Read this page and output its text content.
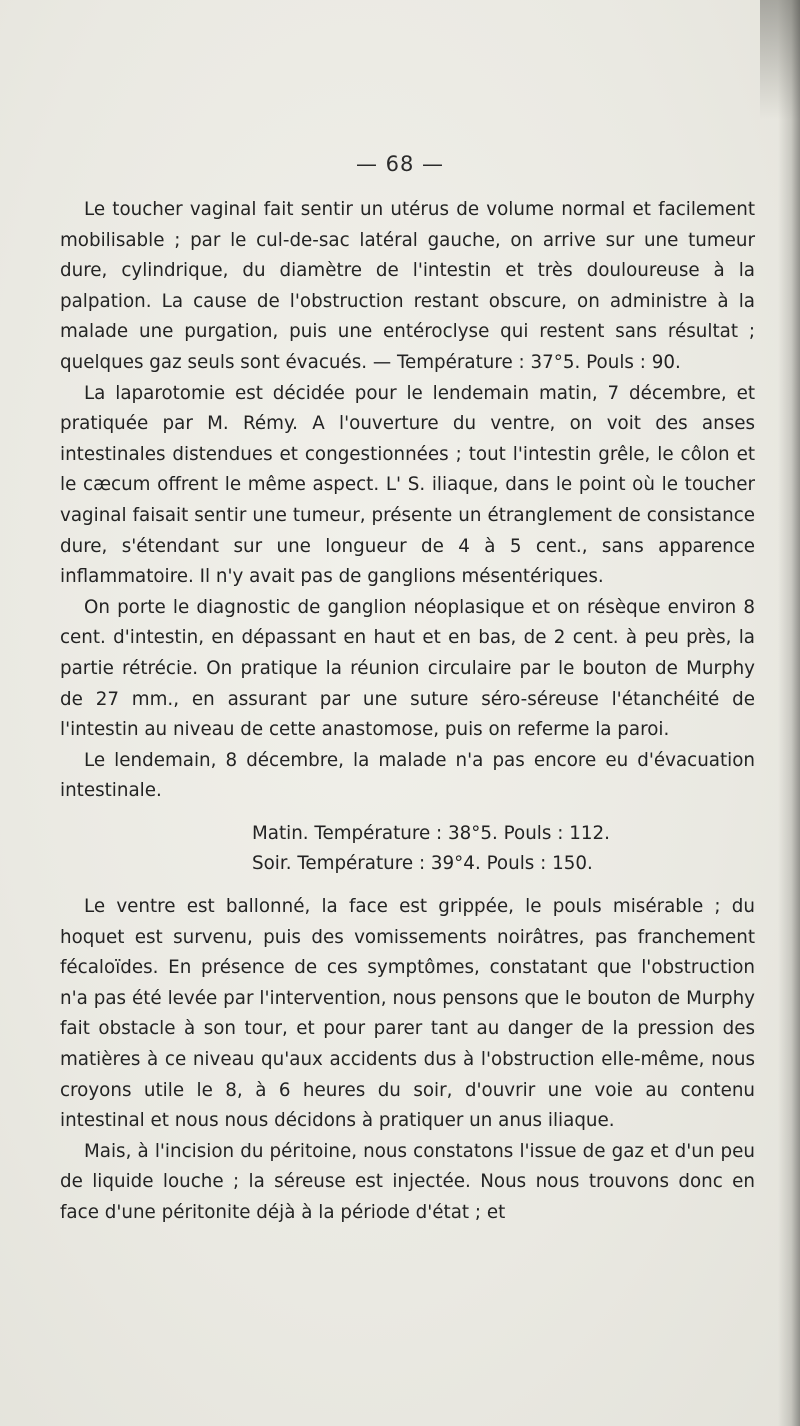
— 68 —

Le toucher vaginal fait sentir un utérus de volume normal et facilement mobilisable ; par le cul-de-sac latéral gauche, on arrive sur une tumeur dure, cylindrique, du diamètre de l'intestin et très douloureuse à la palpation. La cause de l'obstruction restant obscure, on administre à la malade une purgation, puis une entéroclyse qui restent sans résultat ; quelques gaz seuls sont évacués. — Température : 37°5. Pouls : 90.

La laparotomie est décidée pour le lendemain matin, 7 décembre, et pratiquée par M. Rémy. A l'ouverture du ventre, on voit des anses intestinales distendues et congestionnées ; tout l'intestin grêle, le côlon et le cæcum offrent le même aspect. L' S. iliaque, dans le point où le toucher vaginal faisait sentir une tumeur, présente un étranglement de consistance dure, s'étendant sur une longueur de 4 à 5 cent., sans apparence inflammatoire. Il n'y avait pas de ganglions mésentériques.

On porte le diagnostic de ganglion néoplasique et on résèque environ 8 cent. d'intestin, en dépassant en haut et en bas, de 2 cent. à peu près, la partie rétrécie. On pratique la réunion circulaire par le bouton de Murphy de 27 mm., en assurant par une suture séro-séreuse l'étanchéité de l'intestin au niveau de cette anastomose, puis on referme la paroi.

Le lendemain, 8 décembre, la malade n'a pas encore eu d'évacuation intestinale.

Matin. Température : 38°5. Pouls : 112.

Soir. Température : 39°4. Pouls : 150.

Le ventre est ballonné, la face est grippée, le pouls misérable ; du hoquet est survenu, puis des vomissements noirâtres, pas franchement fécaloïdes. En présence de ces symptômes, constatant que l'obstruction n'a pas été levée par l'intervention, nous pensons que le bouton de Murphy fait obstacle à son tour, et pour parer tant au danger de la pression des matières à ce niveau qu'aux accidents dus à l'obstruction elle-même, nous croyons utile le 8, à 6 heures du soir, d'ouvrir une voie au contenu intestinal et nous nous décidons à pratiquer un anus iliaque.

Mais, à l'incision du péritoine, nous constatons l'issue de gaz et d'un peu de liquide louche ; la séreuse est injectée. Nous nous trouvons donc en face d'une péritonite déjà à la période d'état ; et
